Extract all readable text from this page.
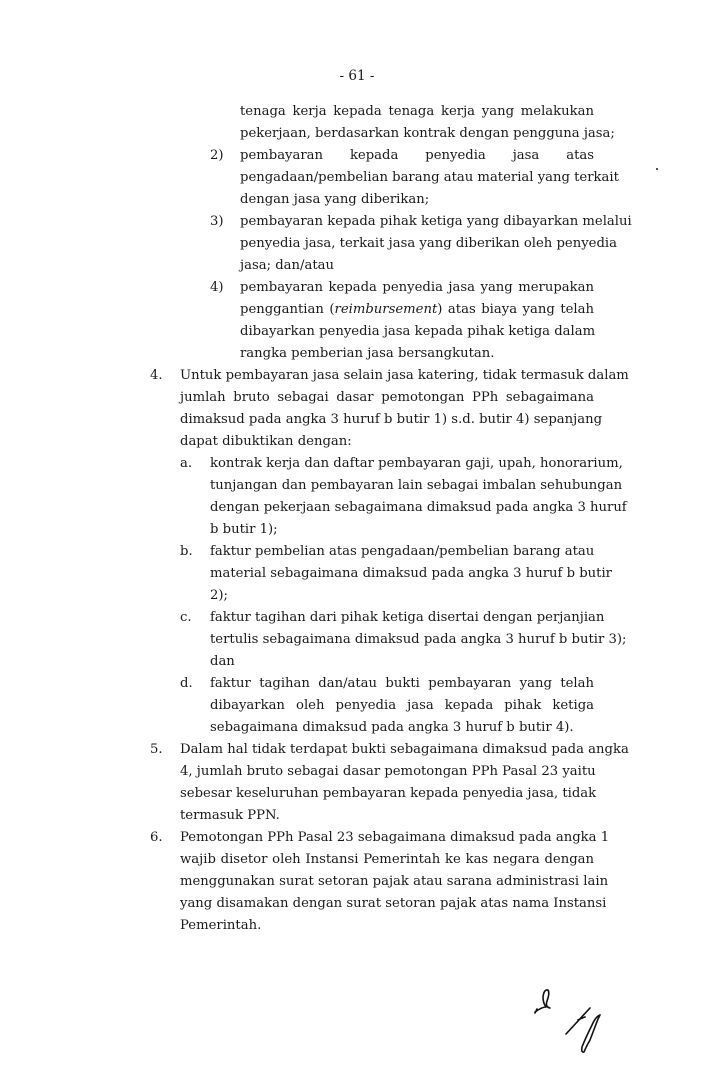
- 61 -
tenaga kerja kepada tenaga kerja yang melakukan
pekerjaan, berdasarkan kontrak dengan pengguna jasa;
2) pembayaran kepada penyedia jasa atas
pengadaan/pembelian barang atau material yang terkait
dengan jasa yang diberikan;
3) pembayaran kepada pihak ketiga yang dibayarkan melalui
penyedia jasa, terkait jasa yang diberikan oleh penyedia
jasa; dan/atau
4) pembayaran kepada penyedia jasa yang merupakan
penggantian (reimbursement) atas biaya yang telah
dibayarkan penyedia jasa kepada pihak ketiga dalam
rangka pemberian jasa bersangkutan.
4. Untuk pembayaran jasa selain jasa katering, tidak termasuk dalam
jumlah bruto sebagai dasar pemotongan PPh sebagaimana
dimaksud pada angka 3 huruf b butir 1) s.d. butir 4) sepanjang
dapat dibuktikan dengan:
a. kontrak kerja dan daftar pembayaran gaji, upah, honorarium,
tunjangan dan pembayaran lain sebagai imbalan sehubungan
dengan pekerjaan sebagaimana dimaksud pada angka 3 huruf
b butir 1);
b. faktur pembelian atas pengadaan/pembelian barang atau
material sebagaimana dimaksud pada angka 3 huruf b butir
2);
c. faktur tagihan dari pihak ketiga disertai dengan perjanjian
tertulis sebagaimana dimaksud pada angka 3 huruf b butir 3);
dan
d. faktur tagihan dan/atau bukti pembayaran yang telah
dibayarkan oleh penyedia jasa kepada pihak ketiga
sebagaimana dimaksud pada angka 3 huruf b butir 4).
5. Dalam hal tidak terdapat bukti sebagaimana dimaksud pada angka
4, jumlah bruto sebagai dasar pemotongan PPh Pasal 23 yaitu
sebesar keseluruhan pembayaran kepada penyedia jasa, tidak
termasuk PPN.
6. Pemotongan PPh Pasal 23 sebagaimana dimaksud pada angka 1
wajib disetor oleh Instansi Pemerintah ke kas negara dengan
menggunakan surat setoran pajak atau sarana administrasi lain
yang disamakan dengan surat setoran pajak atas nama Instansi
Pemerintah.
